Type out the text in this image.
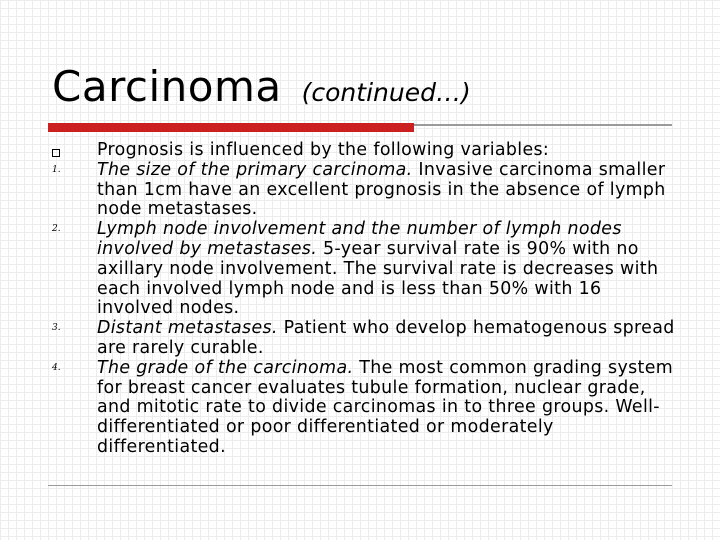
Carcinoma (continued…)
Prognosis is influenced by the following variables:
1. The size of the primary carcinoma. Invasive carcinoma smaller than 1cm have an excellent prognosis in the absence of lymph node metastases.
2. Lymph node involvement and the number of lymph nodes involved by metastases. 5-year survival rate is 90% with no axillary node involvement. The survival rate is decreases with each involved lymph node and is less than 50% with 16 involved nodes.
3. Distant metastases. Patient who develop hematogenous spread are rarely curable.
4. The grade of the carcinoma. The most common grading system for breast cancer evaluates tubule formation, nuclear grade, and mitotic rate to divide carcinomas in to three groups. Well-differentiated or poor differentiated or moderately differentiated.
